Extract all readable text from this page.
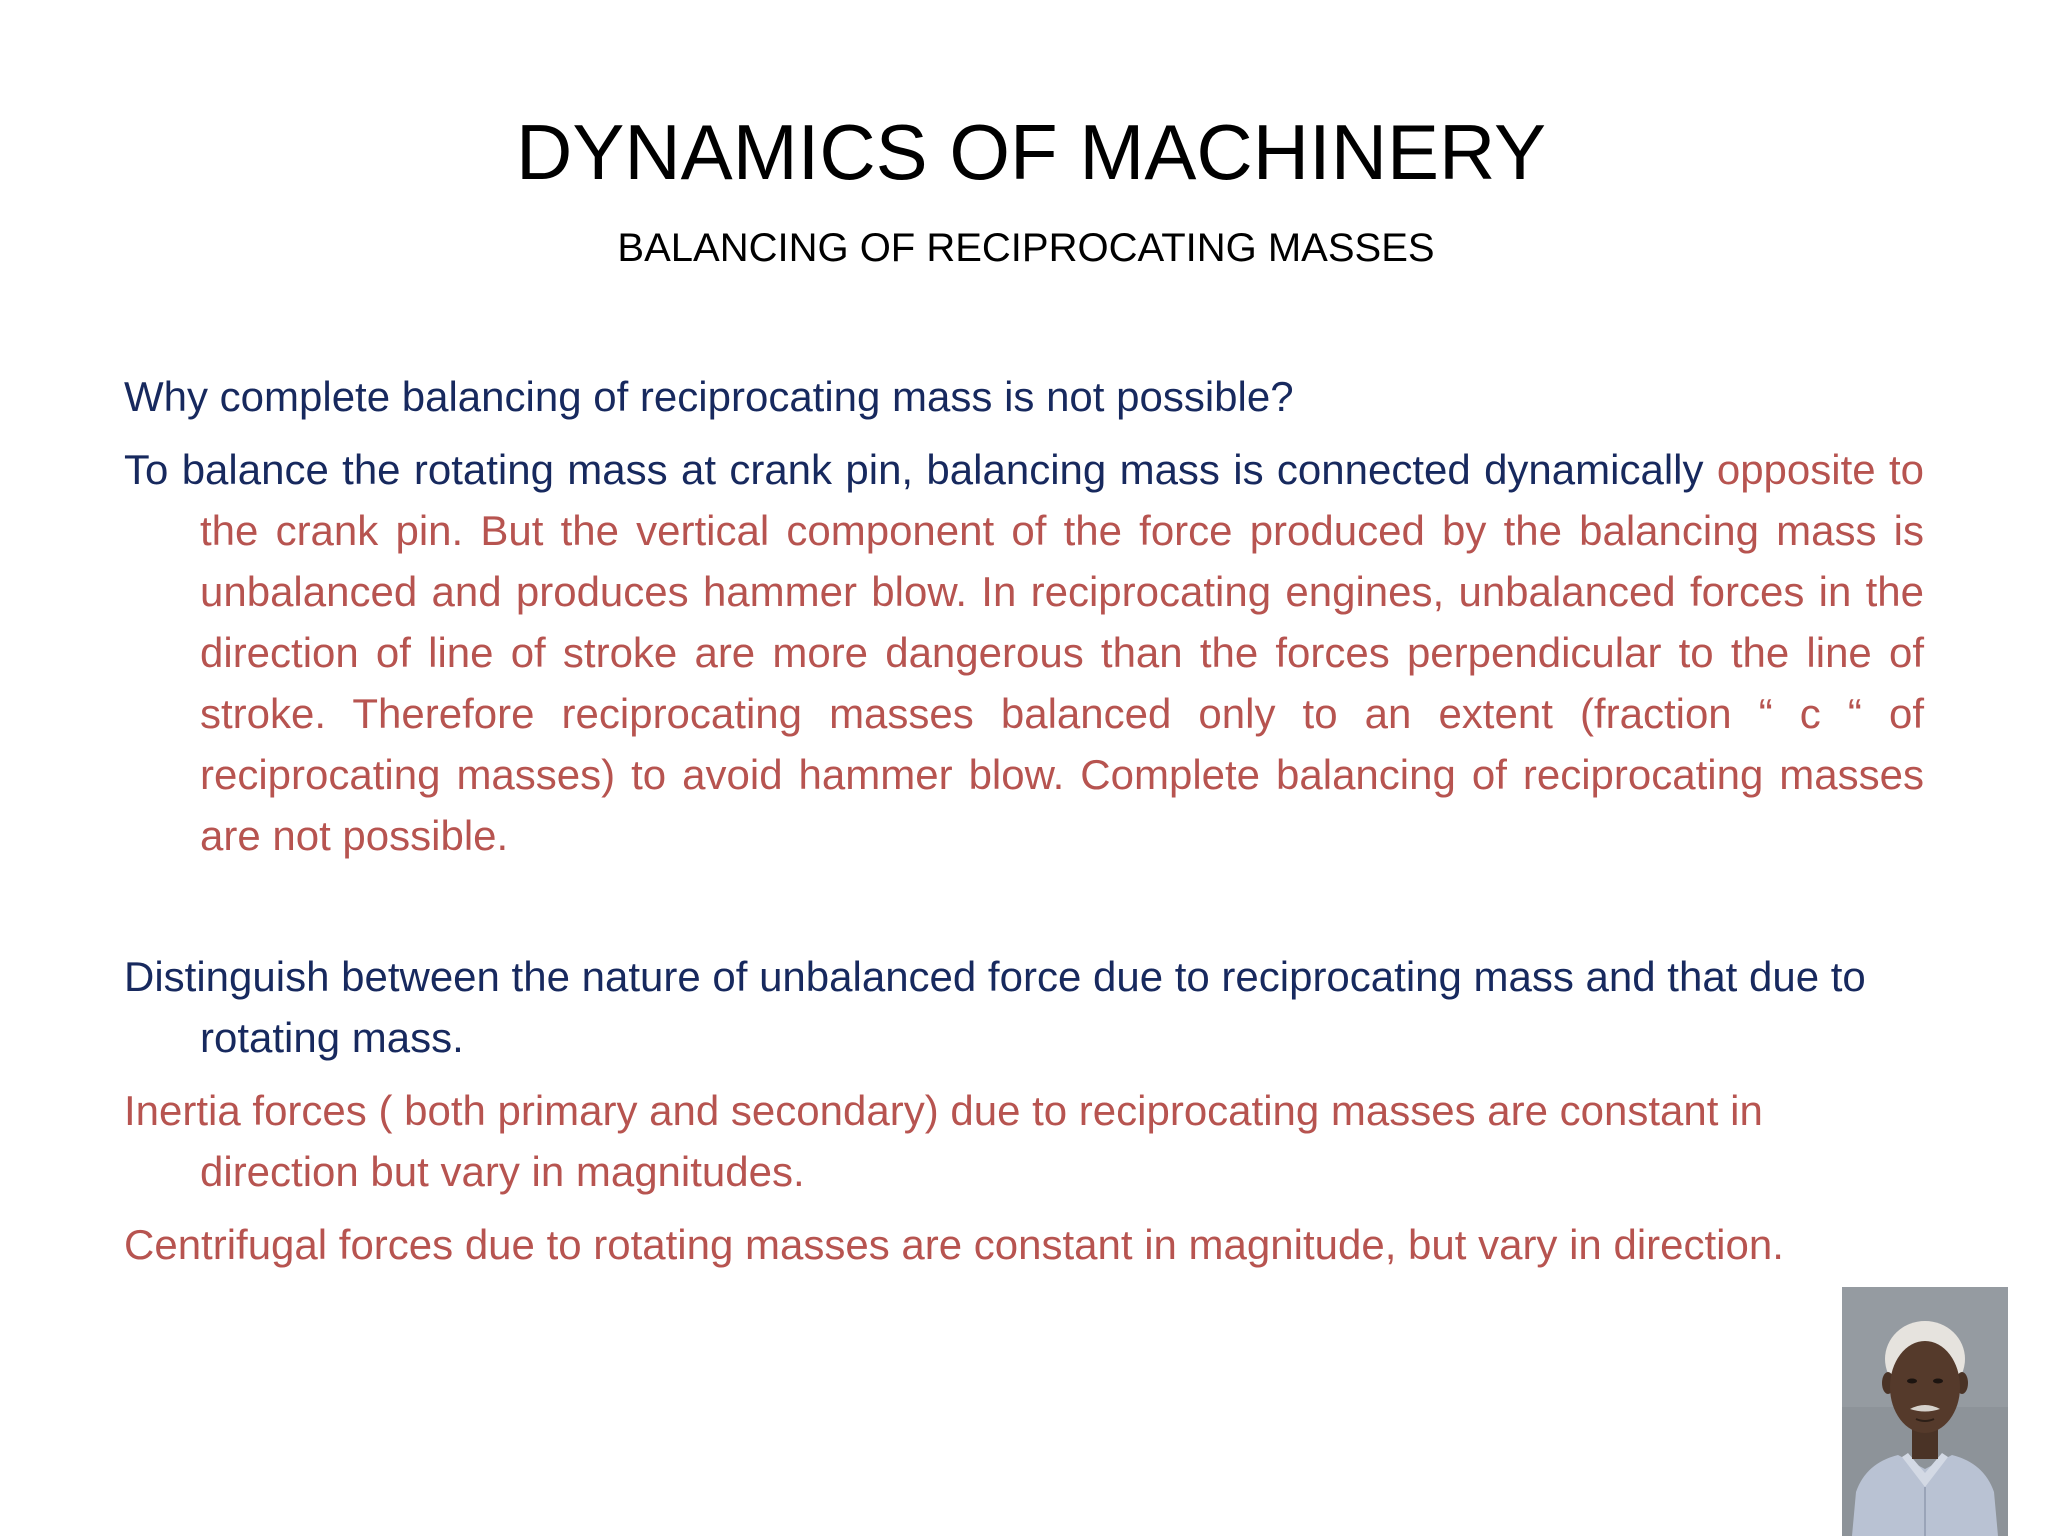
DYNAMICS OF MACHINERY
BALANCING OF RECIPROCATING MASSES

Why complete balancing of reciprocating mass is not possible?

To balance the rotating mass at crank pin, balancing mass is connected dynamically opposite to the crank pin. But the vertical component of the force produced by the balancing mass is unbalanced and produces hammer blow. In reciprocating engines, unbalanced forces in the direction of line of stroke are more dangerous than the forces perpendicular to the line of stroke. Therefore reciprocating masses balanced only to an extent (fraction “ c “ of reciprocating masses) to avoid hammer blow. Complete balancing of reciprocating masses are not possible.

Distinguish between the nature of unbalanced force due to reciprocating mass and that due to rotating mass.

Inertia forces ( both primary and secondary) due to reciprocating masses are constant in direction but vary in magnitudes.

Centrifugal forces due to rotating masses are constant in magnitude, but vary in direction.
